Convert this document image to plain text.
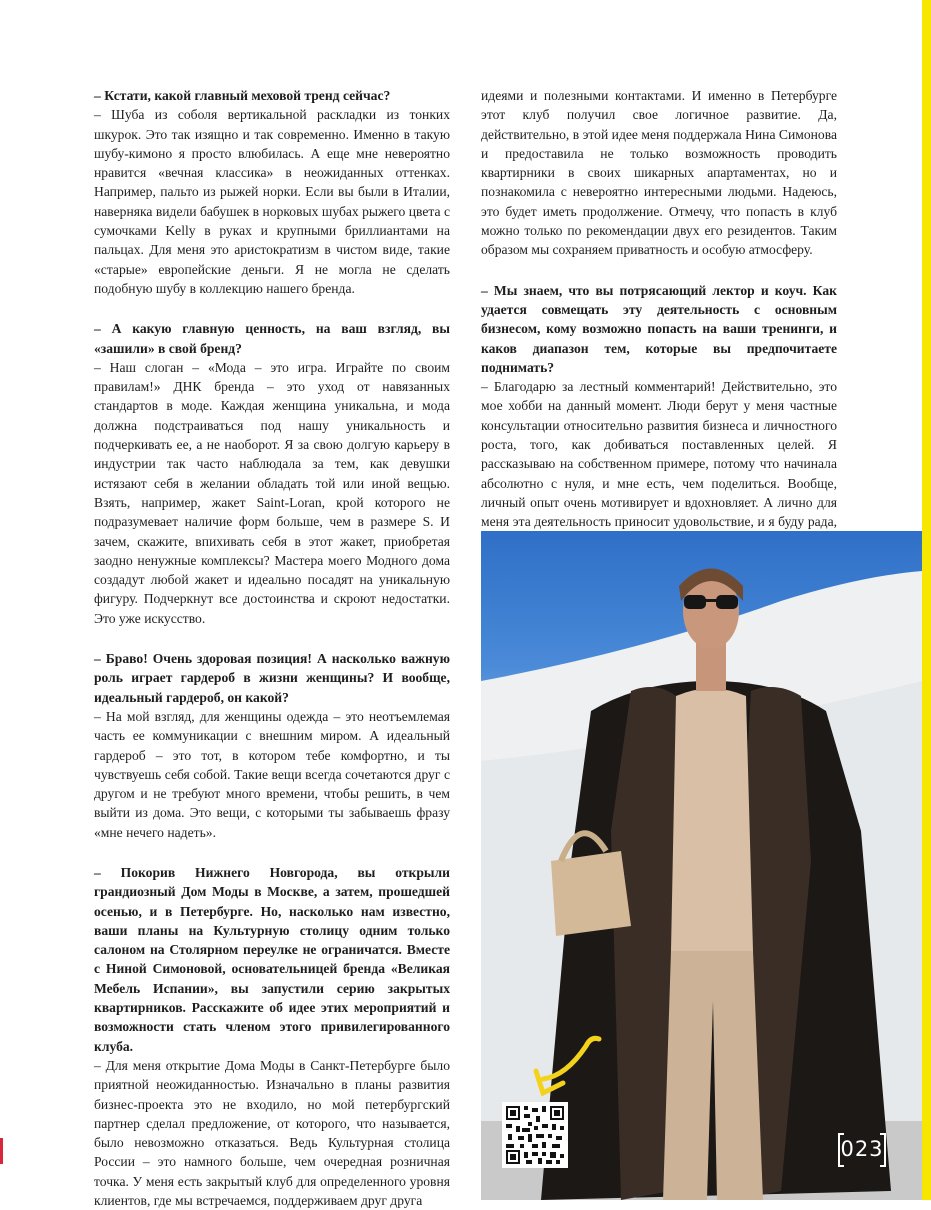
– Кстати, какой главный меховой тренд сейчас?
– Шуба из соболя вертикальной раскладки из тонких шкурок. Это так изящно и так современно. Именно в такую шубу-кимоно я просто влюбилась. А еще мне невероятно нравится «вечная классика» в неожиданных оттенках. Например, пальто из рыжей норки. Если вы были в Италии, наверняка видели бабушек в норковых шубах рыжего цвета с сумочками Kelly в руках и крупными бриллиантами на пальцах. Для меня это аристократизм в чистом виде, такие «старые» европейские деньги. Я не могла не сделать подобную шубу в коллекцию нашего бренда.

– А какую главную ценность, на ваш взгляд, вы «зашили» в свой бренд?
– Наш слоган – «Мода – это игра. Играйте по своим правилам!» ДНК бренда – это уход от навязанных стандартов в моде. Каждая женщина уникальна, и мода должна подстраиваться под нашу уникальность и подчеркивать ее, а не наоборот. Я за свою долгую карьеру в индустрии так часто наблюдала за тем, как девушки истязают себя в желании обладать той или иной вещью. Взять, например, жакет Saint-Loran, крой которого не подразумевает наличие форм больше, чем в размере S. И зачем, скажите, впихивать себя в этот жакет, приобретая заодно ненужные комплексы? Мастера моего Модного дома создадут любой жакет и идеально посадят на уникальную фигуру. Подчеркнут все достоинства и скроют недостатки. Это уже искусство.

– Браво! Очень здоровая позиция! А насколько важную роль играет гардероб в жизни женщины? И вообще, идеальный гардероб, он какой?
– На мой взгляд, для женщины одежда – это неотъемлемая часть ее коммуникации с внешним миром. А идеальный гардероб – это тот, в котором тебе комфортно, и ты чувствуешь себя собой. Такие вещи всегда сочетаются друг с другом и не требуют много времени, чтобы решить, в чем выйти из дома. Это вещи, с которыми ты забываешь фразу «мне нечего надеть».

– Покорив Нижнего Новгорода, вы открыли грандиозный Дом Моды в Москве, а затем, прошедшей осенью, и в Петербурге. Но, насколько нам известно, ваши планы на Культурную столицу одним только салоном на Столярном переулке не ограничатся. Вместе с Ниной Симоновой, основательницей бренда «Великая Мебель Испании», вы запустили серию закрытых квартирников. Расскажите об идее этих мероприятий и возможности стать членом этого привилегированного клуба.
– Для меня открытие Дома Моды в Санкт-Петербурге было приятной неожиданностью. Изначально в планы развития бизнес-проекта это не входило, но мой петербургский партнер сделал предложение, от которого, что называется, было невозможно отказаться. Ведь Культурная столица России – это намного больше, чем очередная розничная точка. У меня есть закрытый клуб для определенного уровня клиентов, где мы встречаемся, поддерживаем друг друга

идеями и полезными контактами. И именно в Петербурге этот клуб получил свое логичное развитие. Да, действительно, в этой идее меня поддержала Нина Симонова и предоставила не только возможность проводить квартирники в своих шикарных апартаментах, но и познакомила с невероятно интересными людьми. Надеюсь, это будет иметь продолжение. Отмечу, что попасть в клуб можно только по рекомендации двух его резидентов. Таким образом мы сохраняем приватность и особую атмосферу.

– Мы знаем, что вы потрясающий лектор и коуч. Как удается совмещать эту деятельность с основным бизнесом, кому возможно попасть на ваши тренинги, и каков диапазон тем, которые вы предпочитаете поднимать?
– Благодарю за лестный комментарий! Действительно, это мое хобби на данный момент. Люди берут у меня частные консультации относительно развития бизнеса и личностного роста, того, как добиваться поставленных целей. Я рассказываю на собственном примере, потому что начинала абсолютно с нуля, и мне есть, чем поделиться. Вообще, личный опыт очень мотивирует и вдохновляет. А лично для меня эта деятельность приносит удовольствие, и я буду рада,

023
